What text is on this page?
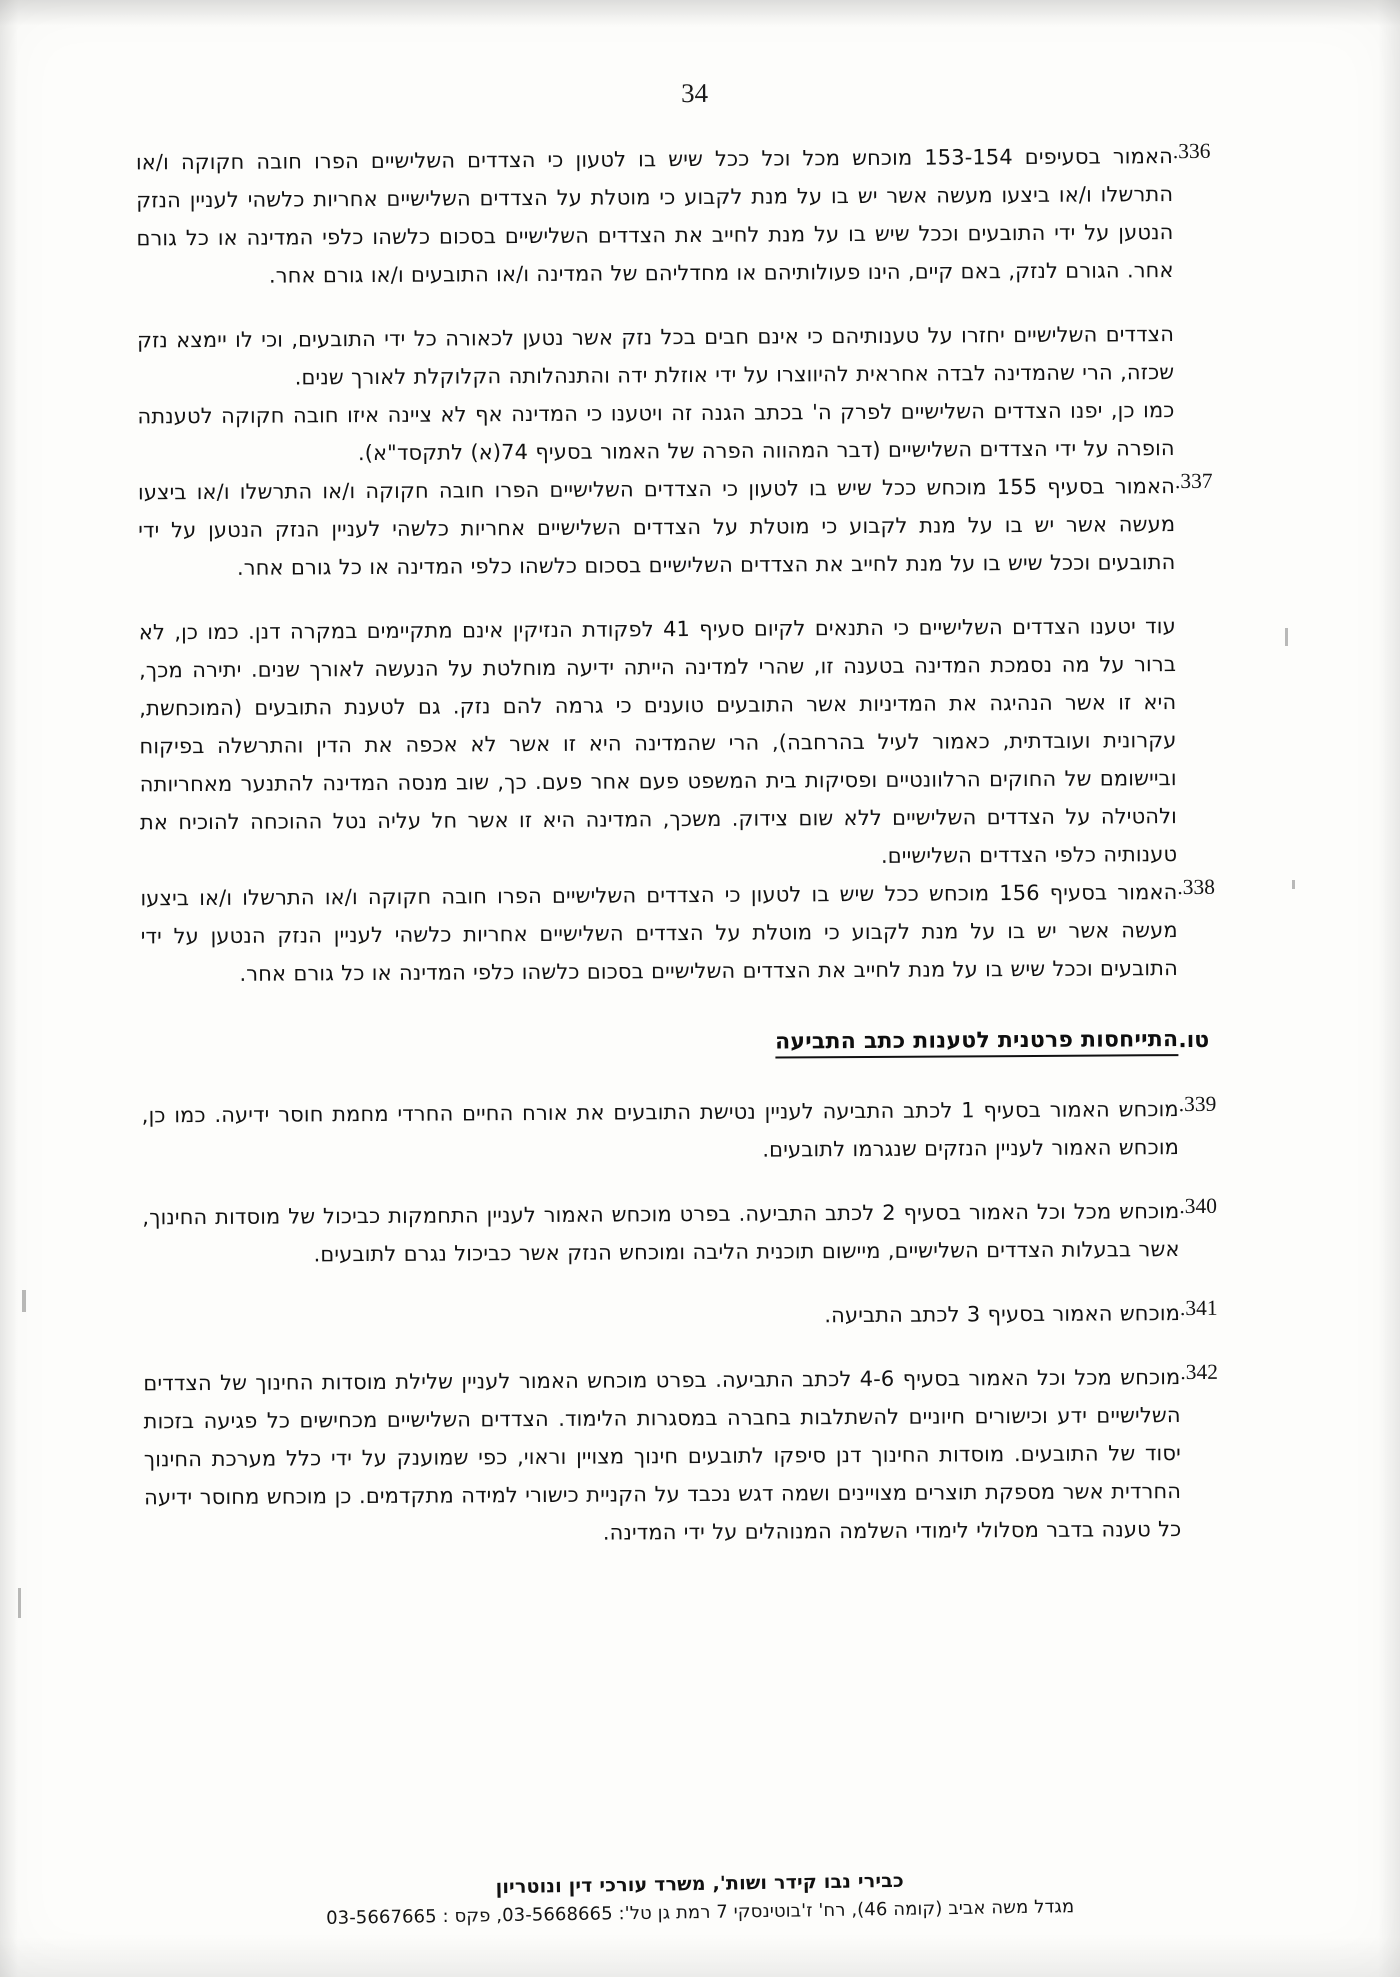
34
336.

האמור בסעיפים 153-154 מוכחש מכל וכל ככל שיש בו לטעון כי הצדדים השלישיים הפרו חובה חקוקה ו/או התרשלו ו/או ביצעו מעשה אשר יש בו על מנת לקבוע כי מוטלת על הצדדים השלישיים אחריות כלשהי לעניין הנזק הנטען על ידי התובעים וככל שיש בו על מנת לחייב את הצדדים השלישיים בסכום כלשהו כלפי המדינה או כל גורם אחר. הגורם לנזק, באם קיים, הינו פעולותיהם או מחדליהם של המדינה ו/או התובעים ו/או גורם אחר.

הצדדים השלישיים יחזרו על טענותיהם כי אינם חבים בכל נזק אשר נטען לכאורה כל ידי התובעים, וכי לו יימצא נזק שכזה, הרי שהמדינה לבדה אחראית להיווצרו על ידי אוזלת ידה והתנהלותה הקלוקלת לאורך שנים.

כמו כן, יפנו הצדדים השלישיים לפרק ה' בכתב הגנה זה ויטענו כי המדינה אף לא ציינה איזו חובה חקוקה לטענתה הופרה על ידי הצדדים השלישיים (דבר המהווה הפרה של האמור בסעיף 74(א) לתקסד"א).

337.

האמור בסעיף 155 מוכחש ככל שיש בו לטעון כי הצדדים השלישיים הפרו חובה חקוקה ו/או התרשלו ו/או ביצעו מעשה אשר יש בו על מנת לקבוע כי מוטלת על הצדדים השלישיים אחריות כלשהי לעניין הנזק הנטען על ידי התובעים וככל שיש בו על מנת לחייב את הצדדים השלישיים בסכום כלשהו כלפי המדינה או כל גורם אחר.

עוד יטענו הצדדים השלישיים כי התנאים לקיום סעיף 41 לפקודת הנזיקין אינם מתקיימים במקרה דנן. כמו כן, לא ברור על מה נסמכת המדינה בטענה זו, שהרי למדינה הייתה ידיעה מוחלטת על הנעשה לאורך שנים. יתירה מכך, היא זו אשר הנהיגה את המדיניות אשר התובעים טוענים כי גרמה להם נזק. גם לטענת התובעים (המוכחשת, עקרונית ועובדתית, כאמור לעיל בהרחבה), הרי שהמדינה היא זו אשר לא אכפה את הדין והתרשלה בפיקוח וביישומם של החוקים הרלוונטיים ופסיקות בית המשפט פעם אחר פעם. כך, שוב מנסה המדינה להתנער מאחריותה ולהטילה על הצדדים השלישיים ללא שום צידוק. משכך, המדינה היא זו אשר חל עליה נטל ההוכחה להוכיח את טענותיה כלפי הצדדים השלישיים.

338.

האמור בסעיף 156 מוכחש ככל שיש בו לטעון כי הצדדים השלישיים הפרו חובה חקוקה ו/או התרשלו ו/או ביצעו מעשה אשר יש בו על מנת לקבוע כי מוטלת על הצדדים השלישיים אחריות כלשהי לעניין הנזק הנטען על ידי התובעים וככל שיש בו על מנת לחייב את הצדדים השלישיים בסכום כלשהו כלפי המדינה או כל גורם אחר.

טו.
התייחסות פרטנית לטענות כתב התביעה
339.

מוכחש האמור בסעיף 1 לכתב התביעה לעניין נטישת התובעים את אורח החיים החרדי מחמת חוסר ידיעה. כמו כן, מוכחש האמור לעניין הנזקים שנגרמו לתובעים.

340.

מוכחש מכל וכל האמור בסעיף 2 לכתב התביעה. בפרט מוכחש האמור לעניין התחמקות כביכול של מוסדות החינוך, אשר בבעלות הצדדים השלישיים, מיישום תוכנית הליבה ומוכחש הנזק אשר כביכול נגרם לתובעים.

341.

מוכחש האמור בסעיף 3 לכתב התביעה.

342.

מוכחש מכל וכל האמור בסעיף 4-6 לכתב התביעה. בפרט מוכחש האמור לעניין שלילת מוסדות החינוך של הצדדים השלישיים ידע וכישורים חיוניים להשתלבות בחברה במסגרות הלימוד. הצדדים השלישיים מכחישים כל פגיעה בזכות יסוד של התובעים. מוסדות החינוך דנן סיפקו לתובעים חינוך מצויין וראוי, כפי שמוענק על ידי כלל מערכת החינוך החרדית אשר מספקת תוצרים מצויינים ושמה דגש נכבד על הקניית כישורי למידה מתקדמים. כן מוכחש מחוסר ידיעה כל טענה בדבר מסלולי לימודי השלמה המנוהלים על ידי המדינה.

כבירי נבו קידר ושות', משרד עורכי דין ונוטריון
מגדל משה אביב (קומה 46), רח' ז'בוטינסקי 7 רמת גן טל': 03-5668665, פקס : 03-5667665
